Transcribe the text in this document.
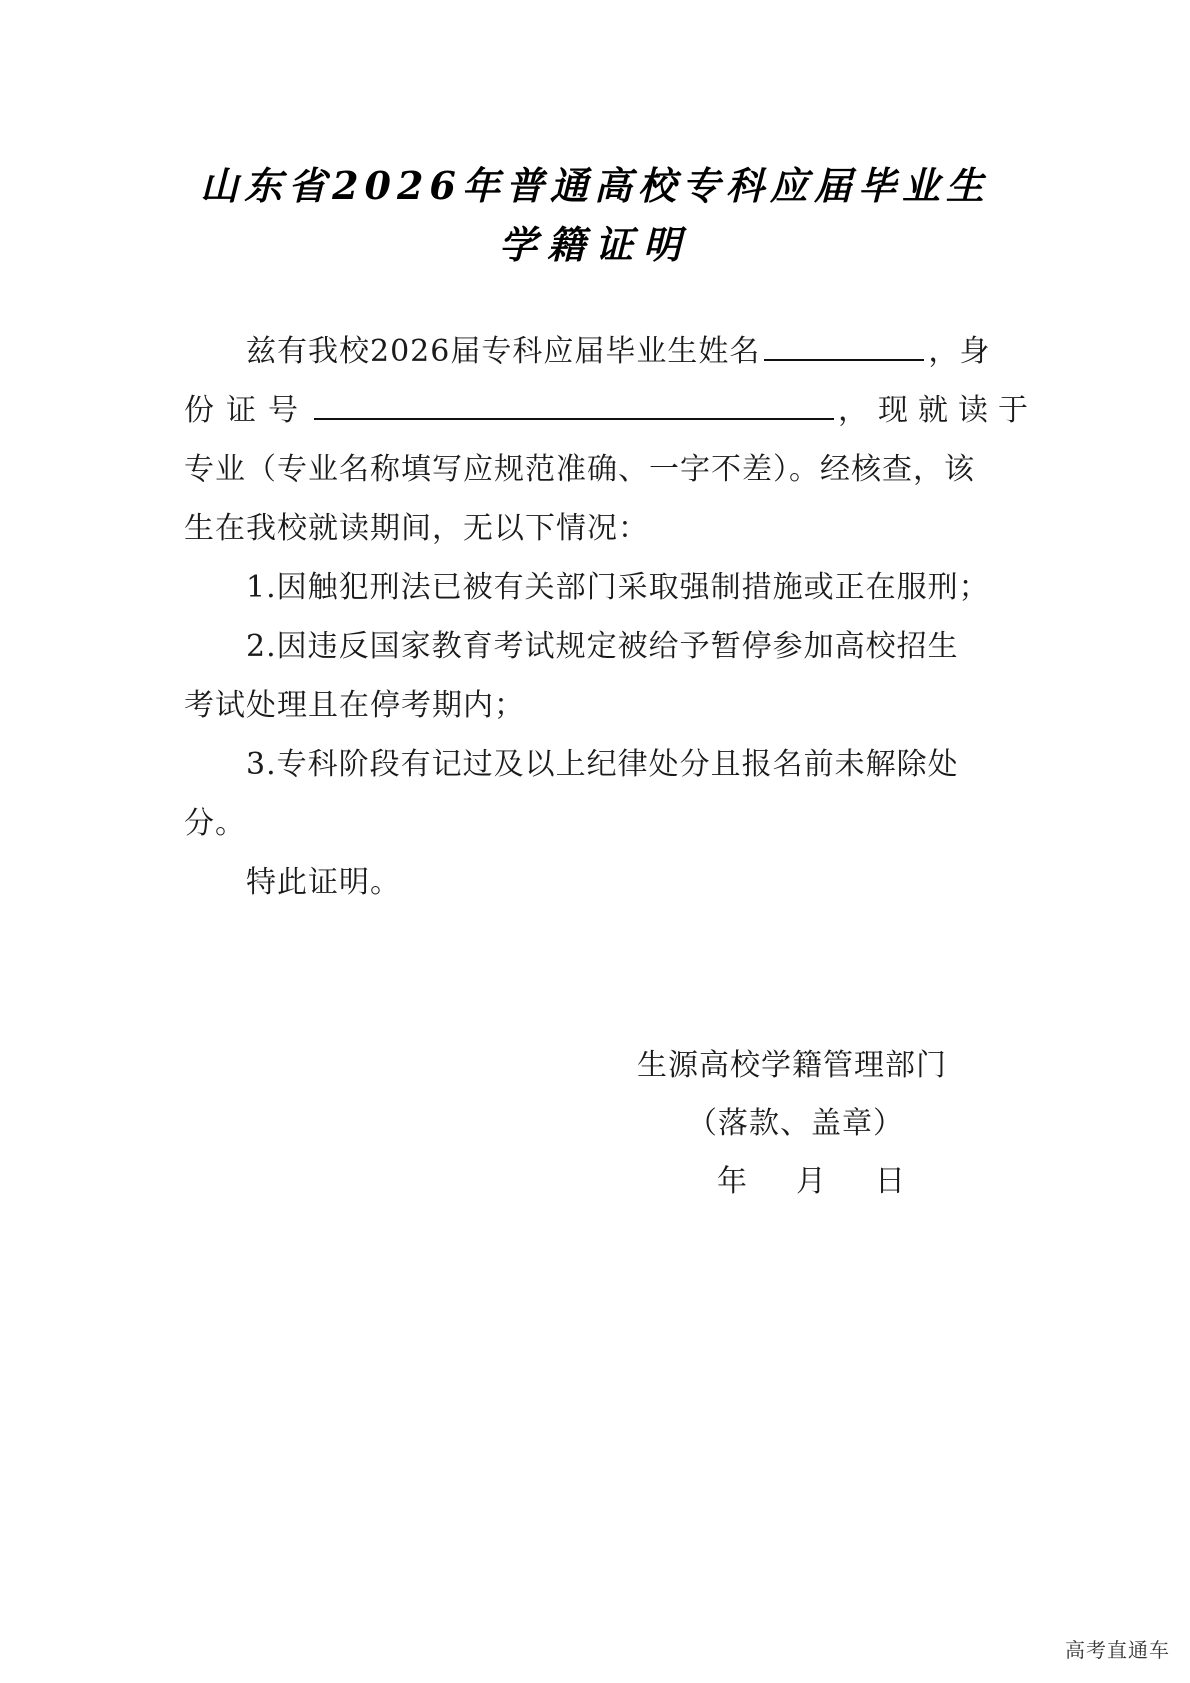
山东省2026年普通高校专科应届毕业生
学籍证明
兹有我校2026届专科应届毕业生姓名	，身
份证号	，现就读于
专业（专业名称填写应规范准确、一字不差）。经核查，该
生在我校就读期间，无以下情况：
1.因触犯刑法已被有关部门采取强制措施或正在服刑；
2.因违反国家教育考试规定被给予暂停参加高校招生
考试处理且在停考期内；
3.专科阶段有记过及以上纪律处分且报名前未解除处
分。
特此证明。
生源高校学籍管理部门
（落款、盖章）
年 月 日
高考直通车
